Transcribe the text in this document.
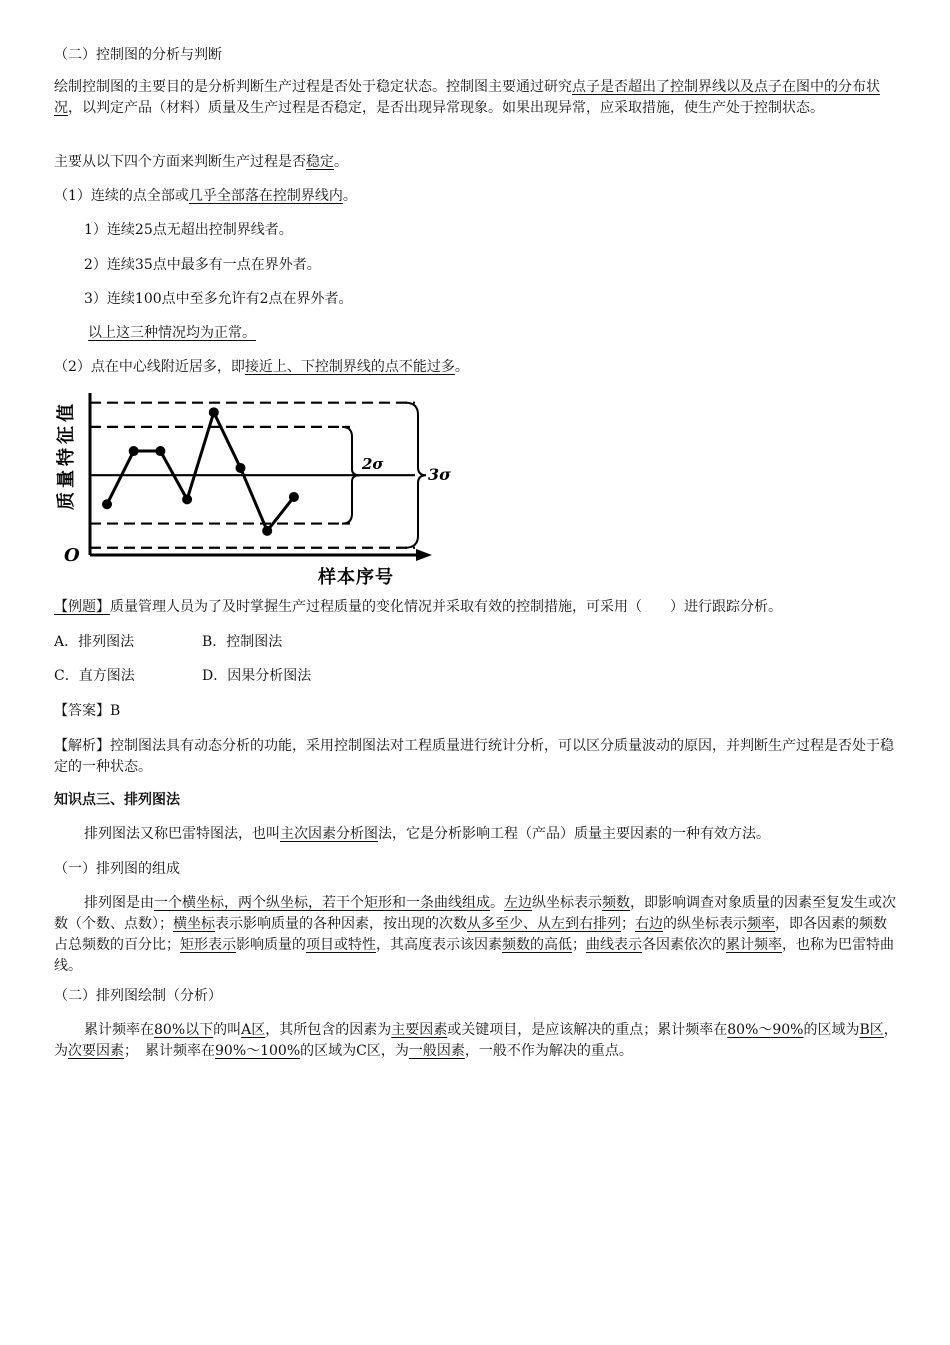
（二）控制图的分析与判断

绘制控制图的主要目的是分析判断生产过程是否处于稳定状态。控制图主要通过研究点子是否超出了控制界线以及点子在图中的分布状况，以判定产品（材料）质量及生产过程是否稳定，是否出现异常现象。如果出现异常，应采取措施，使生产处于控制状态。

主要从以下四个方面来判断生产过程是否稳定。

（1）连续的点全部或几乎全部落在控制界线内。

1）连续25点无超出控制界线者。

2）连续35点中最多有一点在界外者。

3）连续100点中至多允许有2点在界外者。

以上这三种情况均为正常。

（2）点在中心线附近居多，即接近上、下控制界线的点不能过多。

2σ
3σ
O
质量特征值
样本序号

【例题】质量管理人员为了及时掌握生产过程质量的变化情况并采取有效的控制措施，可采用（　　）进行跟踪分析。

A．排列图法	B．控制图法

C．直方图法	D．因果分析图法

【答案】B

【解析】控制图法具有动态分析的功能，采用控制图法对工程质量进行统计分析，可以区分质量波动的原因，并判断生产过程是否处于稳定的一种状态。

知识点三、排列图法

排列图法又称巴雷特图法，也叫主次因素分析图法，它是分析影响工程（产品）质量主要因素的一种有效方法。

（一）排列图的组成

排列图是由一个横坐标，两个纵坐标，若干个矩形和一条曲线组成。左边纵坐标表示频数，即影响调查对象质量的因素至复发生或次数（个数、点数）；横坐标表示影响质量的各种因素，按出现的次数从多至少、从左到右排列；右边的纵坐标表示频率，即各因素的频数占总频数的百分比；矩形表示影响质量的项目或特性，其高度表示该因素频数的高低；曲线表示各因素依次的累计频率，也称为巴雷特曲线。

（二）排列图绘制（分析）

累计频率在80%以下的叫A区，其所包含的因素为主要因素或关键项目，是应该解决的重点；累计频率在80%～90%的区域为B区，为次要因素；　累计频率在90%～100%的区域为C区，为一般因素，一般不作为解决的重点。
